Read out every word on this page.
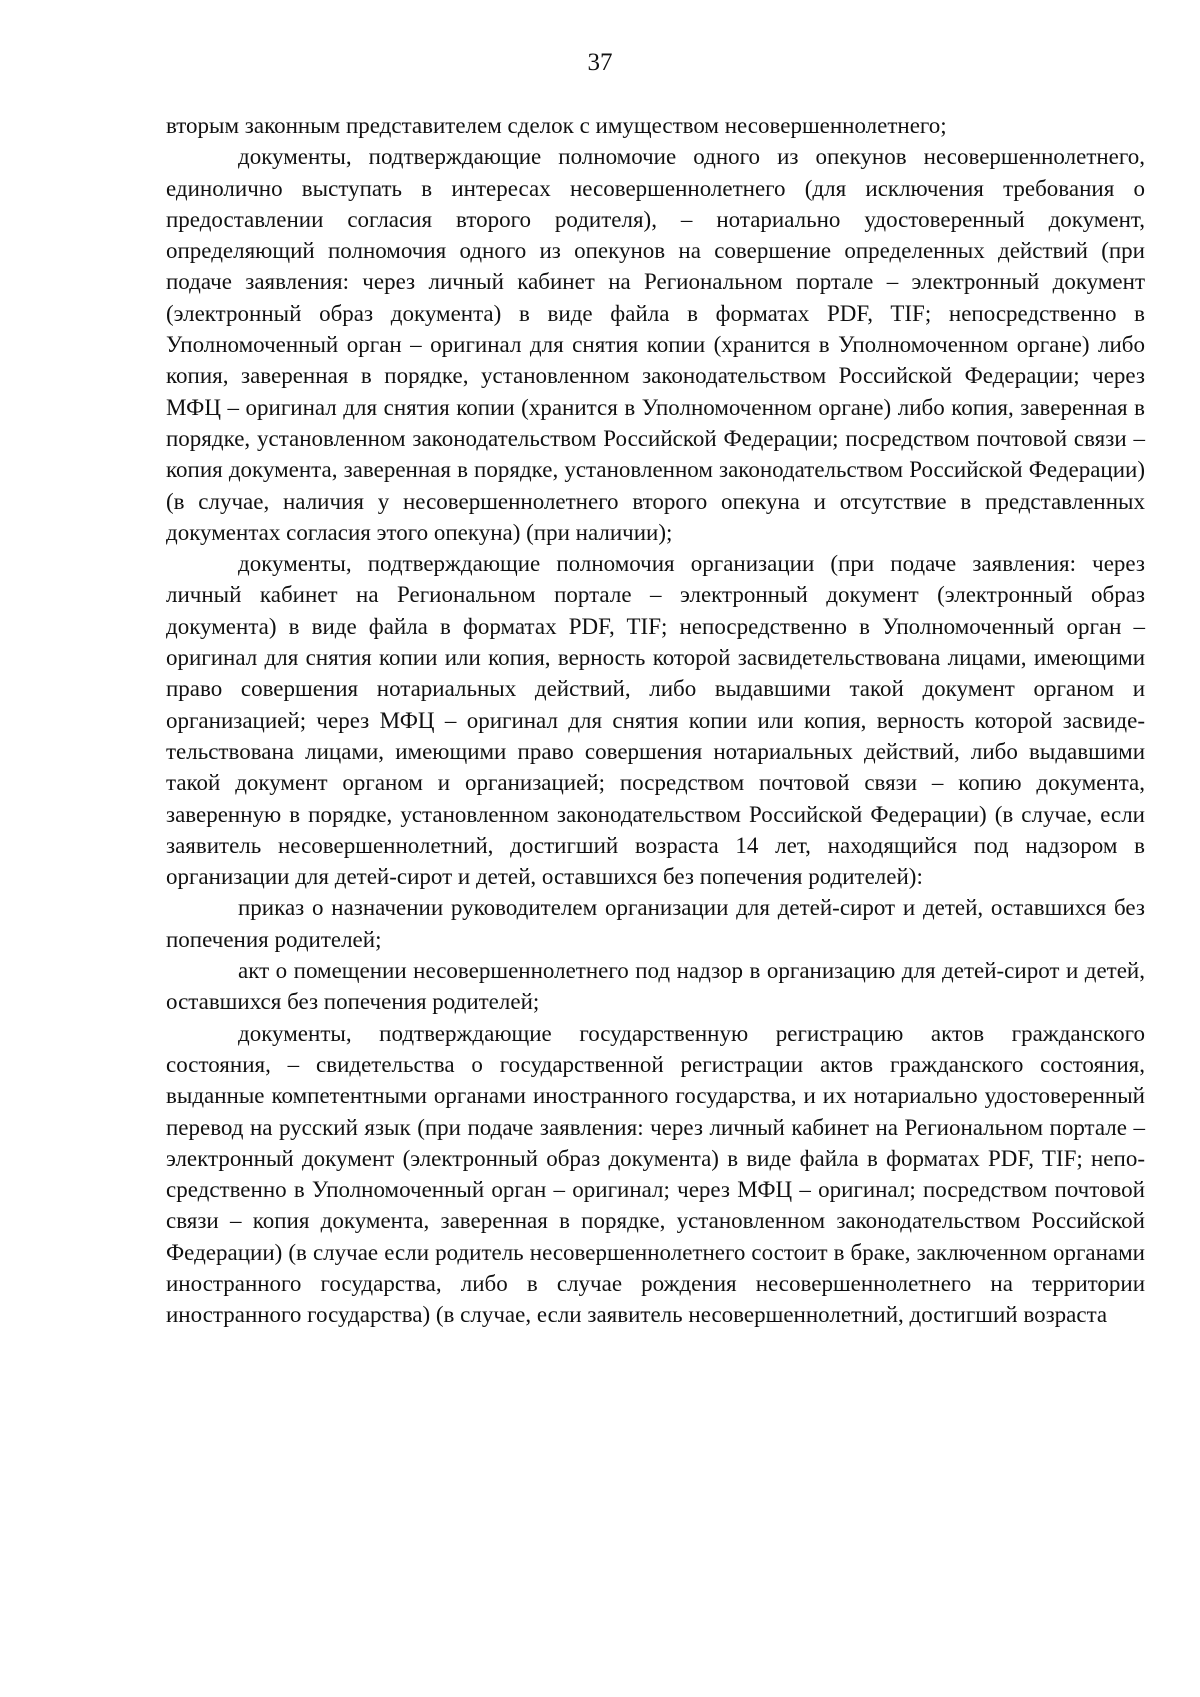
37

вторым законным представителем сделок с имуществом несовершеннолетнего;

документы, подтверждающие полномочие одного из опекунов несовершеннолетнего, единолично выступать в интересах несовершеннолетнего (для исключения требования о предоставлении согласия второго родителя), – нотариально удостоверенный документ, определяющий полномочия одного из опекунов на совершение определенных действий (при подаче заявления: через личный кабинет на Региональном портале – электронный документ (электронный образ документа) в виде файла в форматах PDF, TIF; непосредственно в Уполномоченный орган – оригинал для снятия копии (хранится в Уполномоченном органе) либо копия, заверенная в порядке, установленном законодательством Российской Федерации; через МФЦ – оригинал для снятия копии (хранится в Уполномоченном органе) либо копия, заверенная в порядке, установленном законодательством Российской Федерации; посредством почтовой связи – копия документа, заверенная в порядке, установленном законодательством Российской Федерации) (в случае, наличия у несовершеннолетнего второго опекуна и отсутствие в представленных документах согласия этого опекуна) (при наличии);

документы, подтверждающие полномочия организации (при подаче заявления: через личный кабинет на Региональном портале – электронный документ (электронный образ документа) в виде файла в форматах PDF, TIF; непосредственно в Уполномоченный орган – оригинал для снятия копии или копия, верность которой засвидетельствована лицами, имеющими право совершения нотариальных действий, либо выдавшими такой документ органом и организацией; через МФЦ – оригинал для снятия копии или копия, верность которой засвидетельствована лицами, имеющими право совершения нотариальных действий, либо выдавшими такой документ органом и организацией; посредством почтовой связи – копию документа, заверенную в порядке, установленном законодательством Российской Федерации) (в случае, если заявитель несовершеннолетний, достигший возраста 14 лет, находящийся под надзором в организации для детей-сирот и детей, оставшихся без попечения родителей):

приказ о назначении руководителем организации для детей-сирот и детей, оставшихся без попечения родителей;

акт о помещении несовершеннолетнего под надзор в организацию для детей-сирот и детей, оставшихся без попечения родителей;

документы, подтверждающие государственную регистрацию актов гражданского состояния, – свидетельства о государственной регистрации актов гражданского состояния, выданные компетентными органами иностранного государства, и их нотариально удостоверенный перевод на русский язык (при подаче заявления: через личный кабинет на Региональном портале – электронный документ (электронный образ документа) в виде файла в форматах PDF, TIF; непосредственно в Уполномоченный орган – оригинал; через МФЦ – оригинал; посредством почтовой связи – копия документа, заверенная в порядке, установленном законодательством Российской Федерации) (в случае если родитель несовершеннолетнего состоит в браке, заключенном органами иностранного государства, либо в случае рождения несовершеннолетнего на территории иностранного государства) (в случае, если заявитель несовершеннолетний, достигший возраста
